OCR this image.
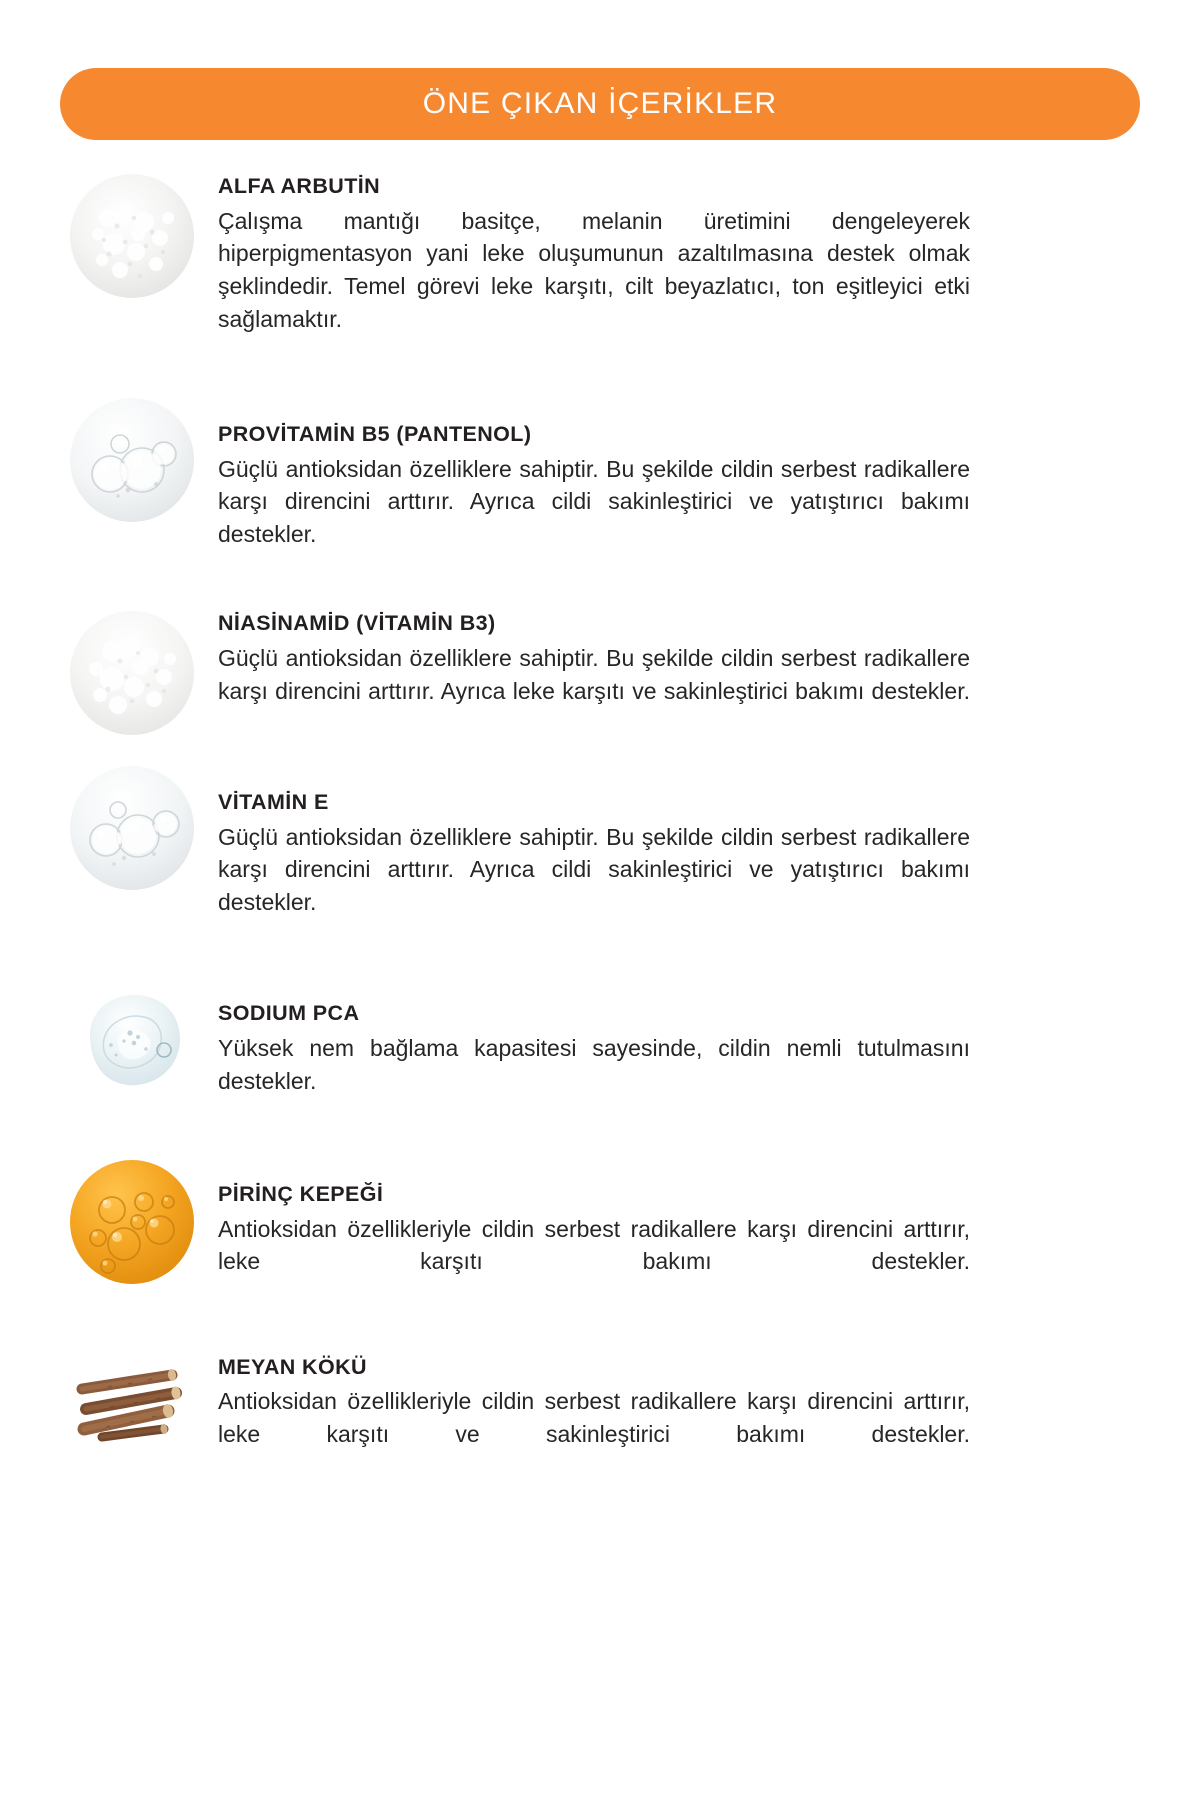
ÖNE ÇIKAN İÇERİKLER
ALFA ARBUTİN
Çalışma mantığı basitçe, melanin üretimini dengeleyerek hiperpigmentasyon yani leke oluşumunun azaltılmasına destek olmak şeklindedir. Temel görevi leke karşıtı, cilt beyazlatıcı, ton eşitleyici etki sağlamaktır.
PROVİTAMİN B5 (PANTENOL)
Güçlü antioksidan özelliklere sahiptir. Bu şekilde cildin serbest radikallere karşı direncini arttırır. Ayrıca cildi sakinleştirici ve yatıştırıcı bakımı destekler.
NİASİNAMİD (VİTAMİN B3)
Güçlü antioksidan özelliklere sahiptir. Bu şekilde cildin serbest radikallere karşı direncini arttırır. Ayrıca leke karşıtı ve sakinleştirici bakımı destekler.
VİTAMİN E
Güçlü antioksidan özelliklere sahiptir. Bu şekilde cildin serbest radikallere karşı direncini arttırır. Ayrıca cildi sakinleştirici ve yatıştırıcı bakımı destekler.
SODIUM PCA
Yüksek nem bağlama kapasitesi sayesinde, cildin nemli tutulmasını destekler.
PİRİNÇ KEPEĞİ
Antioksidan özellikleriyle cildin serbest radikallere karşı direncini arttırır, leke karşıtı bakımı destekler.
MEYAN KÖKÜ
Antioksidan özellikleriyle cildin serbest radikallere karşı direncini arttırır, leke karşıtı ve sakinleştirici bakımı destekler.
